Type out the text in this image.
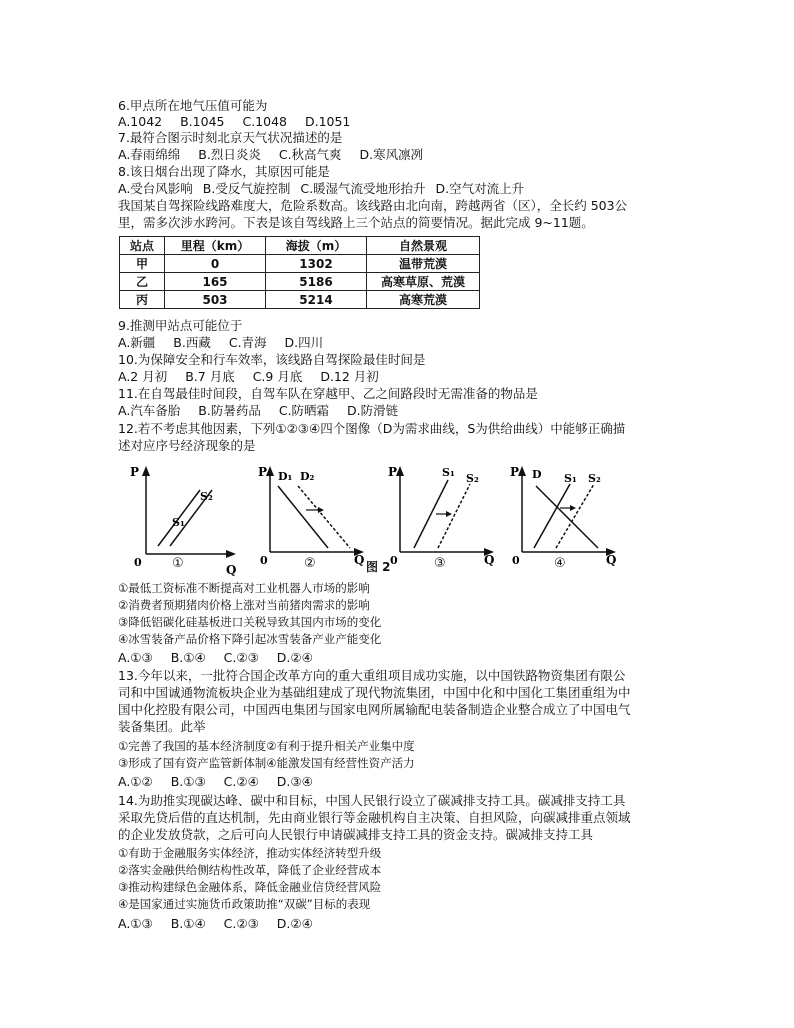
6.甲点所在地气压值可能为
A.1042 B.1045 C.1048 D.1051
7.最符合图示时刻北京天气状况描述的是
A.春雨绵绵 B.烈日炎炎 C.秋高气爽 D.寒风凛冽
8.该日烟台出现了降水，其原因可能是
A.受台风影响 B.受反气旋控制 C.暖湿气流受地形抬升 D.空气对流上升
我国某自驾探险线路难度大，危险系数高。该线路由北向南，跨越两省（区），全长约 503公
里，需多次涉水跨河。下表是该自驾线路上三个站点的简要情况。据此完成 9~11题。
站点	里程（km）	海拔（m）	自然景观
甲	0	1302	温带荒漠
乙	165	5186	高寒草原、荒漠
丙	503	5214	高寒荒漠
9.推测甲站点可能位于
A.新疆 B.西藏 C.青海 D.四川
10.为保障安全和行车效率，该线路自驾探险最佳时间是
A.2 月初 B.7 月底 C.9 月底 D.12 月初
11.在自驾最佳时间段，自驾车队在穿越甲、乙之间路段时无需准备的物品是
A.汽车备胎 B.防暑药品 C.防晒霜 D.防滑链
12.若不考虑其他因素，下列①②③④四个图像（D为需求曲线，S为供给曲线）中能够正确描
述对应序号经济现象的是
P
0
Q
S₂
S₁
①
P
0	Q
D₁ D₂
②	图 2
P
0	Q
S₁ S₂
③
P
0	Q
D S₁ S₂
④
①最低工资标准不断提高对工业机器人市场的影响
②消费者预期猪肉价格上涨对当前猪肉需求的影响
③降低铝碳化硅基板进口关税导致其国内市场的变化
④冰雪装备产品价格下降引起冰雪装备产业产能变化
A.①③ B.①④ C.②③ D.②④
13.今年以来，一批符合国企改革方向的重大重组项目成功实施，以中国铁路物资集团有限公
司和中国诚通物流板块企业为基础组建成了现代物流集团，中国中化和中国化工集团重组为中
国中化控股有限公司，中国西电集团与国家电网所属输配电装备制造企业整合成立了中国电气
装备集团。此举
①完善了我国的基本经济制度②有利于提升相关产业集中度
③形成了国有资产监管新体制④能激发国有经营性资产活力
A.①② B.①③ C.②④ D.③④
14.为助推实现碳达峰、碳中和目标，中国人民银行设立了碳减排支持工具。碳减排支持工具
采取先贷后借的直达机制，先由商业银行等金融机构自主决策、自担风险，向碳减排重点领域
的企业发放贷款，之后可向人民银行申请碳减排支持工具的资金支持。碳减排支持工具
①有助于金融服务实体经济，推动实体经济转型升级
②落实金融供给侧结构性改革，降低了企业经营成本
③推动构建绿色金融体系，降低金融业信贷经营风险
④是国家通过实施货币政策助推“双碳”目标的表现
A.①③ B.①④ C.②③ D.②④
